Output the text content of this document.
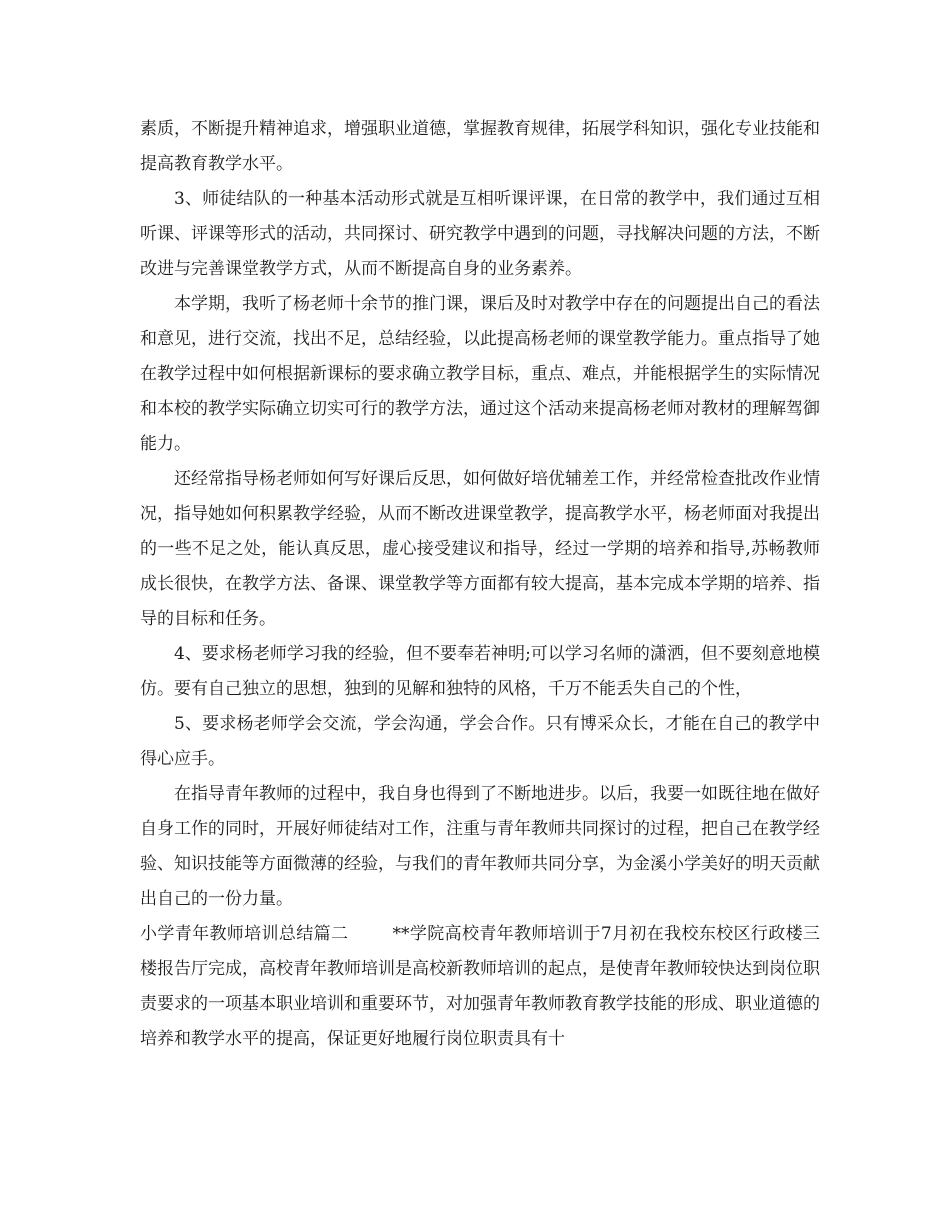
素质，不断提升精神追求，增强职业道德，掌握教育规律，拓展学科知识，强化专业技能和提高教育教学水平。

3、师徒结队的一种基本活动形式就是互相听课评课，在日常的教学中，我们通过互相听课、评课等形式的活动，共同探讨、研究教学中遇到的问题，寻找解决问题的方法，不断改进与完善课堂教学方式，从而不断提高自身的业务素养。

本学期，我听了杨老师十余节的推门课，课后及时对教学中存在的问题提出自己的看法和意见，进行交流，找出不足，总结经验，以此提高杨老师的课堂教学能力。重点指导了她在教学过程中如何根据新课标的要求确立教学目标，重点、难点，并能根据学生的实际情况和本校的教学实际确立切实可行的教学方法，通过这个活动来提高杨老师对教材的理解驾御能力。

还经常指导杨老师如何写好课后反思，如何做好培优辅差工作，并经常检查批改作业情况，指导她如何积累教学经验，从而不断改进课堂教学，提高教学水平，杨老师面对我提出的一些不足之处，能认真反思，虚心接受建议和指导，经过一学期的培养和指导,苏畅教师成长很快，在教学方法、备课、课堂教学等方面都有较大提高，基本完成本学期的培养、指导的目标和任务。

4、要求杨老师学习我的经验，但不要奉若神明;可以学习名师的潇洒，但不要刻意地模仿。要有自己独立的思想，独到的见解和独特的风格，千万不能丢失自己的个性，

5、要求杨老师学会交流，学会沟通，学会合作。只有博采众长，才能在自己的教学中得心应手。

在指导青年教师的过程中，我自身也得到了不断地进步。以后，我要一如既往地在做好自身工作的同时，开展好师徒结对工作，注重与青年教师共同探讨的过程，把自己在教学经验、知识技能等方面微薄的经验，与我们的青年教师共同分享，为金溪小学美好的明天贡献出自己的一份力量。

小学青年教师培训总结篇二	**学院高校青年教师培训于7月初在我校东校区行政楼三楼报告厅完成，高校青年教师培训是高校新教师培训的起点，是使青年教师较快达到岗位职责要求的一项基本职业培训和重要环节，对加强青年教师教育教学技能的形成、职业道德的培养和教学水平的提高，保证更好地履行岗位职责具有十
